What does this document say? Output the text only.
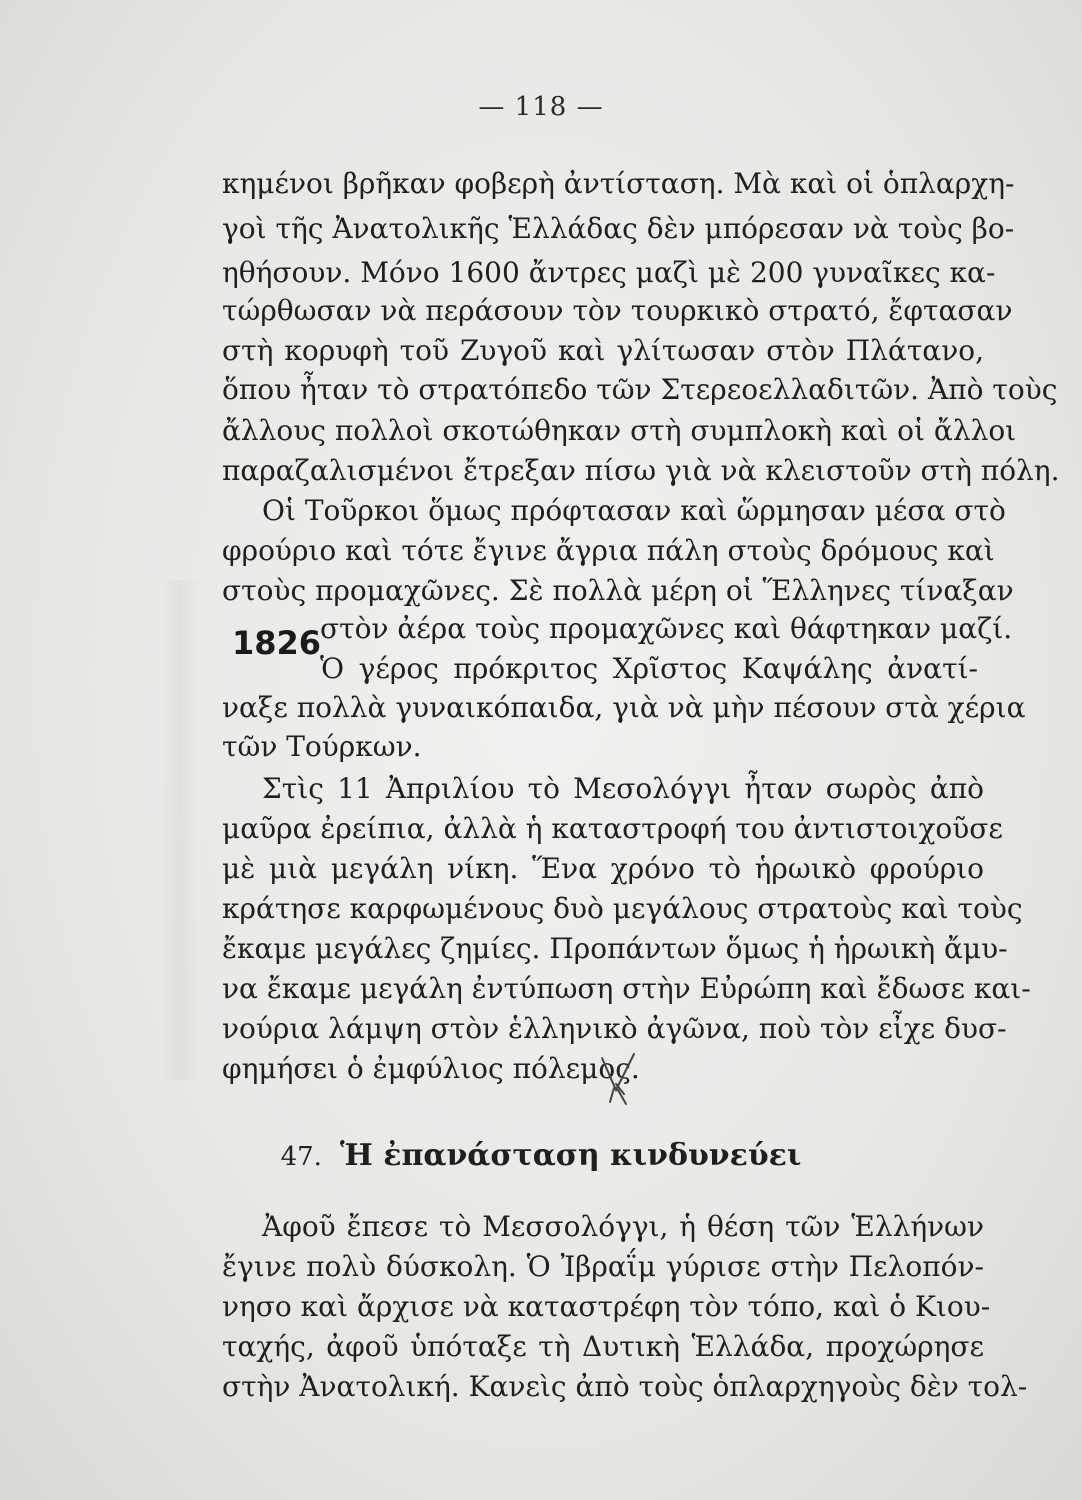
— 118 —
κημένοι βρῆκαν φοβερὴ ἀντίσταση. Μὰ καὶ οἱ ὁπλαρχη-
γοὶ τῆς Ἀνατολικῆς Ἑλλάδας δὲν μπόρεσαν νὰ τοὺς βο-
ηθήσουν. Μόνο 1600 ἄντρες μαζὶ μὲ 200 γυναῖκες κα-
τώρθωσαν νὰ περάσουν τὸν τουρκικὸ στρατό, ἔφτασαν
στὴ κορυφὴ τοῦ Ζυγοῦ καὶ γλίτωσαν στὸν Πλάτανο,
ὅπου ἦταν τὸ στρατόπεδο τῶν Στερεοελλαδιτῶν. Ἀπὸ τοὺς
ἄλλους πολλοὶ σκοτώθηκαν στὴ συμπλοκὴ καὶ οἱ ἄλλοι
παραζαλισμένοι ἔτρεξαν πίσω γιὰ νὰ κλειστοῦν στὴ πόλη.
Οἱ Τοῦρκοι ὅμως πρόφτασαν καὶ ὥρμησαν μέσα στὸ
φρούριο καὶ τότε ἔγινε ἄγρια πάλη στοὺς δρόμους καὶ
στοὺς προμαχῶνες. Σὲ πολλὰ μέρη οἱ Ἕλληνες τίναξαν
στὸν ἀέρα τοὺς προμαχῶνες καὶ θάφτηκαν μαζί.
Ὁ γέρος πρόκριτος Χρῖστος Καψάλης ἀνατί-
ναξε πολλὰ γυναικόπαιδα, γιὰ νὰ μὴν πέσουν στὰ χέρια
τῶν Τούρκων.
Στὶς 11 Ἀπριλίου τὸ Μεσολόγγι ἦταν σωρὸς ἀπὸ
μαῦρα ἐρείπια, ἀλλὰ ἡ καταστροφή του ἀντιστοιχοῦσε
μὲ μιὰ μεγάλη νίκη. Ἕνα χρόνο τὸ ἡρωικὸ φρούριο
κράτησε καρφωμένους δυὸ μεγάλους στρατοὺς καὶ τοὺς
ἔκαμε μεγάλες ζημίες. Προπάντων ὅμως ἡ ἡρωικὴ ἄμυ-
να ἔκαμε μεγάλη ἐντύπωση στὴν Εὐρώπη καὶ ἔδωσε και-
νούρια λάμψη στὸν ἑλληνικὸ ἀγῶνα, ποὺ τὸν εἶχε δυσ-
φημήσει ὁ ἐμφύλιος πόλεμος.
1826
47. Ἡ ἐπανάσταση κινδυνεύει
Ἀφοῦ ἔπεσε τὸ Μεσσολόγγι, ἡ θέση τῶν Ἑλλήνων
ἔγινε πολὺ δύσκολη. Ὁ Ἰβραΐμ γύρισε στὴν Πελοπόν-
νησο καὶ ἄρχισε νὰ καταστρέφη τὸν τόπο, καὶ ὁ Κιου-
ταχής, ἀφοῦ ὑπόταξε τὴ Δυτικὴ Ἑλλάδα, προχώρησε
στὴν Ἀνατολική. Κανεὶς ἀπὸ τοὺς ὁπλαρχηγοὺς δὲν τολ-
